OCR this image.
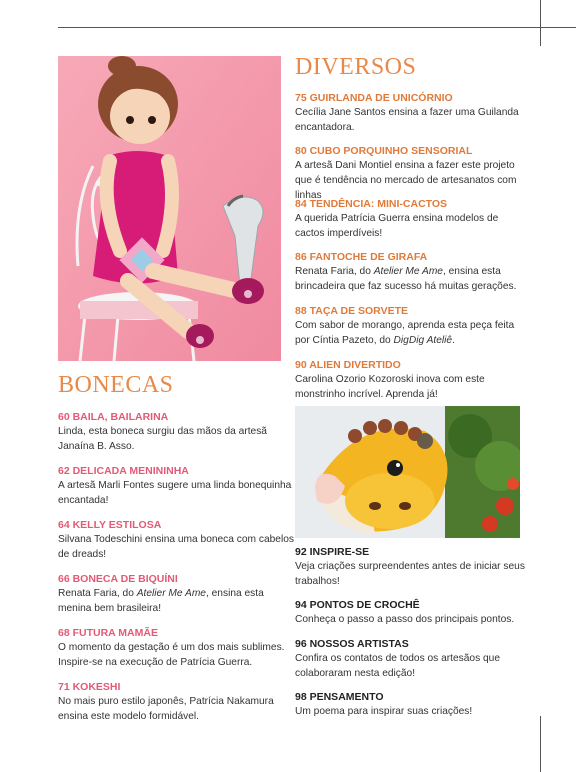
DIVERSOS
BONECAS
75 GUIRLANDA DE UNICÓRNIO
Cecília Jane Santos ensina a fazer uma Guilanda encantadora.
80 CUBO PORQUINHO SENSORIAL
A artesã Dani Montiel ensina a fazer este projeto que é tendência no mercado de artesanatos com linhas
84 TENDÊNCIA: MINI-CACTOS
A querida Patrícia Guerra ensina modelos de cactos imperdíveis!
86 FANTOCHE DE GIRAFA
Renata Faria, do Atelier Me Ame, ensina esta brincadeira que faz sucesso há muitas gerações.
88 TAÇA DE SORVETE
Com sabor de morango, aprenda esta peça feita por Cíntia Pazeto, do DigDig Ateliê.
90 ALIEN DIVERTIDO
Carolina Ozorio Kozoroski inova com este monstrinho incrível. Aprenda já!
92 INSPIRE-SE
Veja criações surpreendentes antes de iniciar seus trabalhos!
94 PONTOS DE CROCHÊ
Conheça o passo a passo dos principais pontos.
96 NOSSOS ARTISTAS
Confira os contatos de todos os artesãos que colaboraram nesta edição!
98 PENSAMENTO
Um poema para inspirar suas criações!
60 BAILA, BAILARINA
Linda, esta boneca surgiu das mãos da artesã Janaína B. Asso.
62 DELICADA MENININHA
A artesã Marli Fontes sugere uma linda bonequinha encantada!
64 KELLY ESTILOSA
Silvana Todeschini ensina uma boneca com cabelos de dreads!
66 BONECA DE BIQUÍNI
Renata Faria, do Atelier Me Ame, ensina esta menina bem brasileira!
68 FUTURA MAMÃE
O momento da gestação é um dos mais sublimes. Inspire-se na execução de Patrícia Guerra.
71 KOKESHI
No mais puro estilo japonês, Patrícia Nakamura ensina este modelo formidável.
